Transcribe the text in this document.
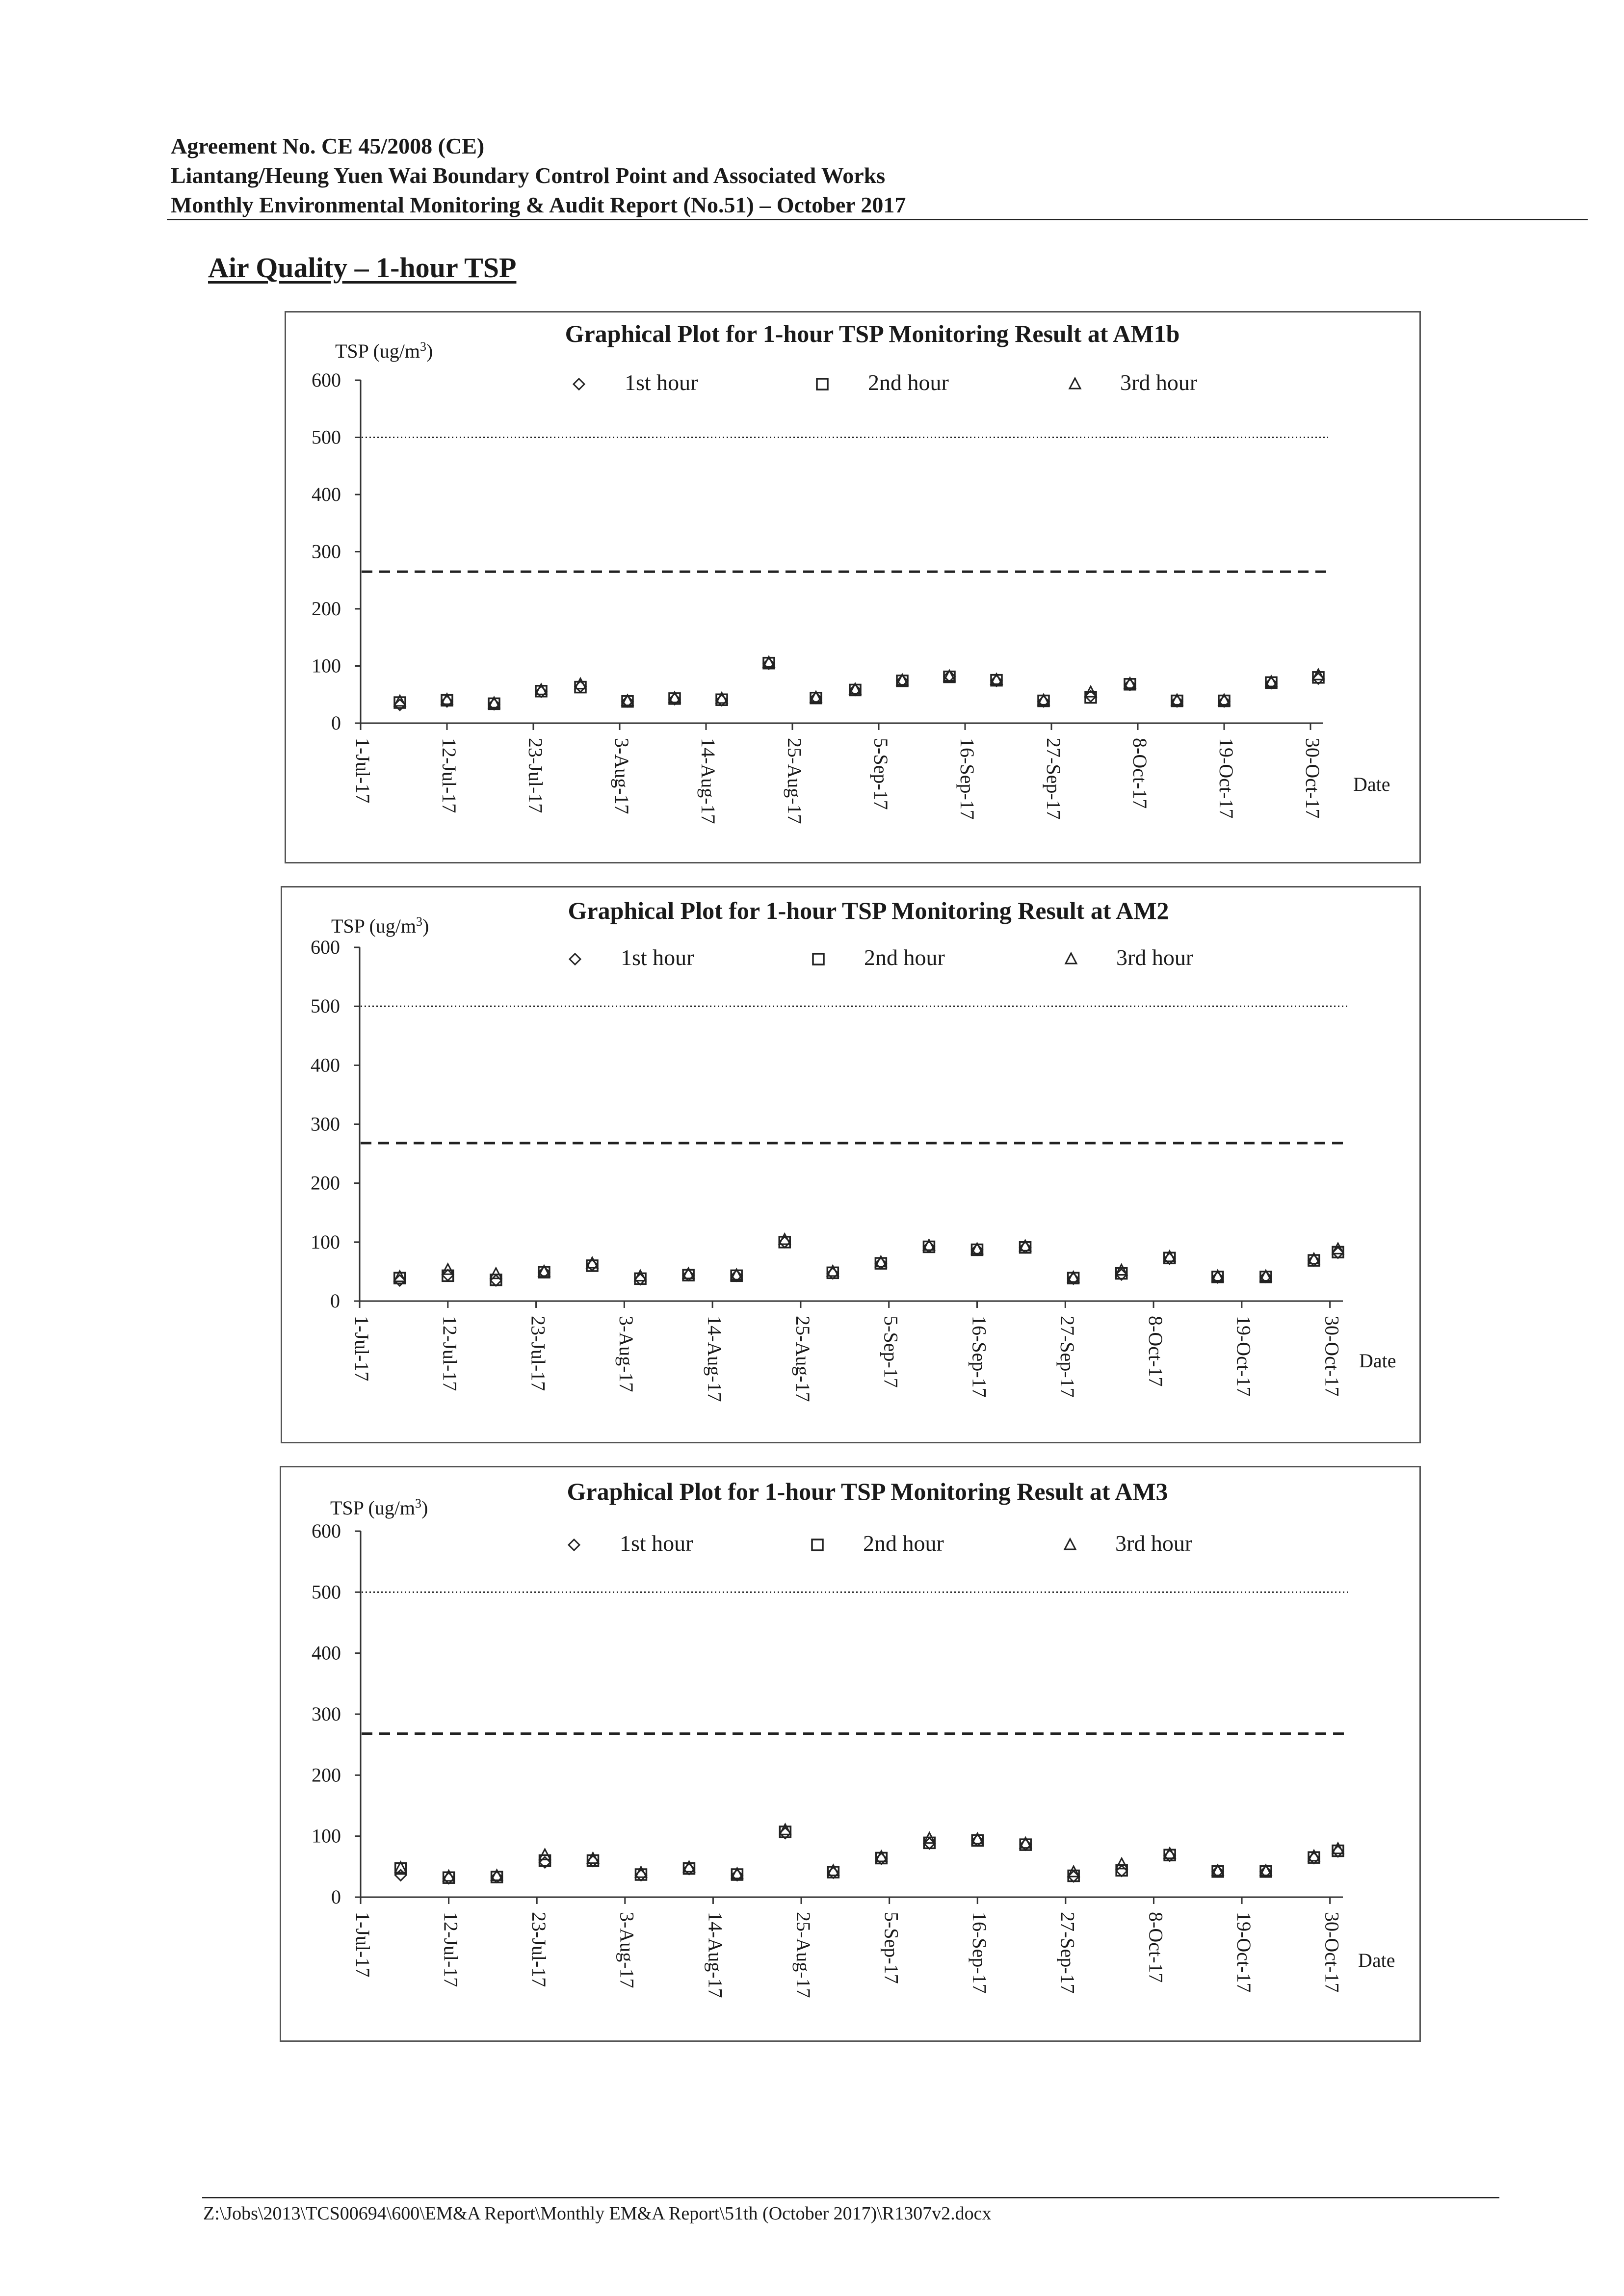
Agreement No. CE 45/2008 (CE)

Liantang/Heung Yuen Wai Boundary Control Point and Associated Works

Monthly Environmental Monitoring & Audit Report (No.51) – October 2017

Air Quality – 1-hour TSP

Graphical Plot for 1-hour TSP Monitoring Result at AM1b
TSP $(ug/m^3)$
0
100
200
300
400
500
600
1-Jul-17	12-Jul-17	23-Jul-17	3-Aug-17	14-Aug-17	25-Aug-17	5-Sep-17	16-Sep-17	27-Sep-17	8-Oct-17	19-Oct-17	30-Oct-17 Date
1st hour	2nd hour	3rd hour
Graphical Plot for 1-hour TSP Monitoring Result at AM2
TSP $(ug/m^3)$
0
100
200
300
400
500
600
1-Jul-17	12-Jul-17	23-Jul-17	3-Aug-17	14-Aug-17	25-Aug-17	5-Sep-17	16-Sep-17	27-Sep-17	8-Oct-17	19-Oct-17	30-Oct-17 Date
1st hour	2nd hour	3rd hour
Graphical Plot for 1-hour TSP Monitoring Result at AM3
TSP $(ug/m^3)$
0
100
200
300
400
500
600
1-Jul-17	12-Jul-17	23-Jul-17	3-Aug-17	14-Aug-17	25-Aug-17	5-Sep-17	16-Sep-17	27-Sep-17	8-Oct-17	19-Oct-17	30-Oct-17 Date
1st hour	2nd hour	3rd hour

Z:\Jobs\2013\TCS00694\600\EM&A Report\Monthly EM&A Report\51th (October 2017)\R1307v2.docx
